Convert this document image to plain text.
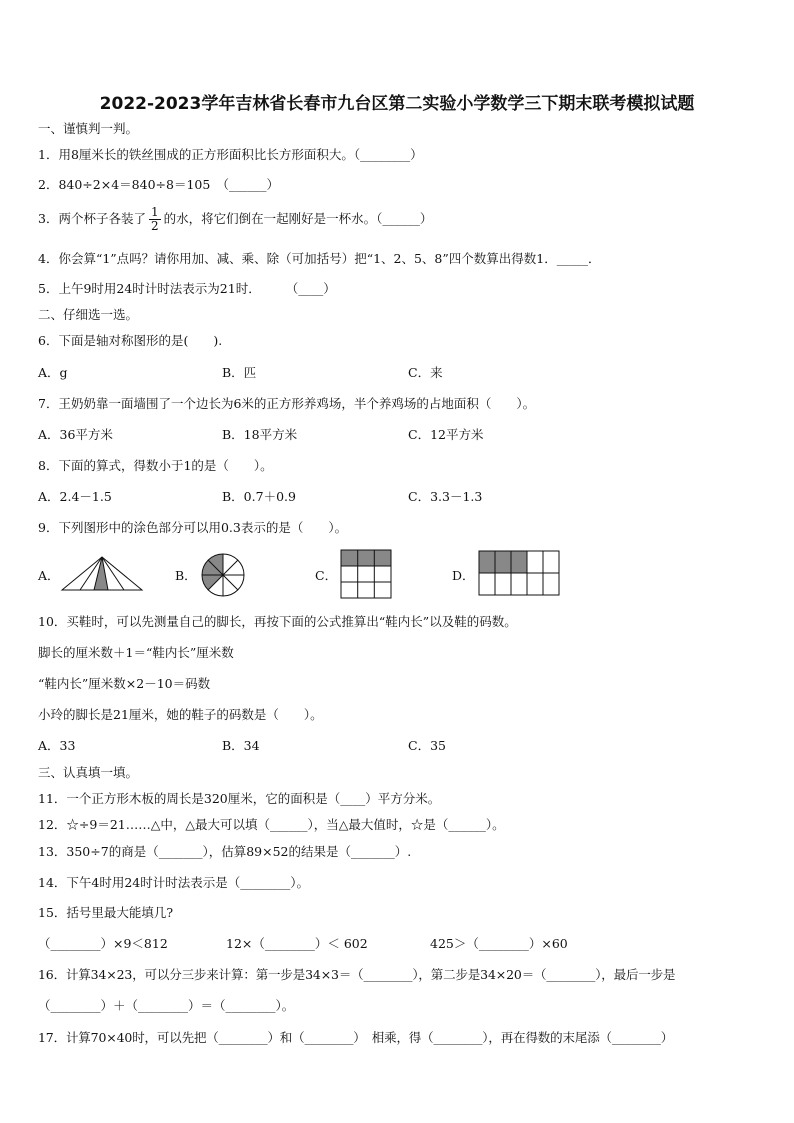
2022-2023学年吉林省长春市九台区第二实验小学数学三下期末联考模拟试题
一、谨慎判一判。
1．用8厘米长的铁丝围成的正方形面积比长方形面积大。（________）
2．840÷2×4＝840÷8＝105　（______）
3．两个杯子各装了 $\frac{1}{2}$ 的水，将它们倒在一起刚好是一杯水。（______）
4．你会算“1”点吗？请你用加、减、乘、除（可加括号）把“1、2、5、8”四个数算出得数1．_____．
5．上午9时用24时计时法表示为21时．　　　（____）
二、仔细选一选。
6．下面是轴对称图形的是(　　).
A．g	B．匹	C．来
7．王奶奶靠一面墙围了一个边长为6米的正方形养鸡场，半个养鸡场的占地面积（　　）。
A．36平方米	B．18平方米	C．12平方米
8．下面的算式，得数小于1的是（　　）。
A．2.4－1.5	B．0.7＋0.9	C．3.3－1.3
9．下列图形中的涂色部分可以用0.3表示的是（　　）。
A．	B．	C．	D．
10．买鞋时，可以先测量自己的脚长，再按下面的公式推算出“鞋内长”以及鞋的码数。
脚长的厘米数＋1＝“鞋内长”厘米数
“鞋内长”厘米数×2－10＝码数
小玲的脚长是21厘米，她的鞋子的码数是（　　）。
A．33	B．34	C．35
三、认真填一填。
11．一个正方形木板的周长是320厘米，它的面积是（____）平方分米。
12．☆÷9＝21……△中，△最大可以填（______），当△最大值时，☆是（______）。
13．350÷7的商是（_______），估算89×52的结果是（_______）.
14．下午4时用24时计时法表示是（________）。
15．括号里最大能填几?
（________）×9＜812	12×（________）＜ 602	425＞（________）×60
16．计算34×23，可以分三步来计算：第一步是34×3＝（________），第二步是34×20＝（________），最后一步是
（________）＋（________）＝（________）。
17．计算70×40时，可以先把（________）和（________）　相乘，得（________），再在得数的末尾添（________）
